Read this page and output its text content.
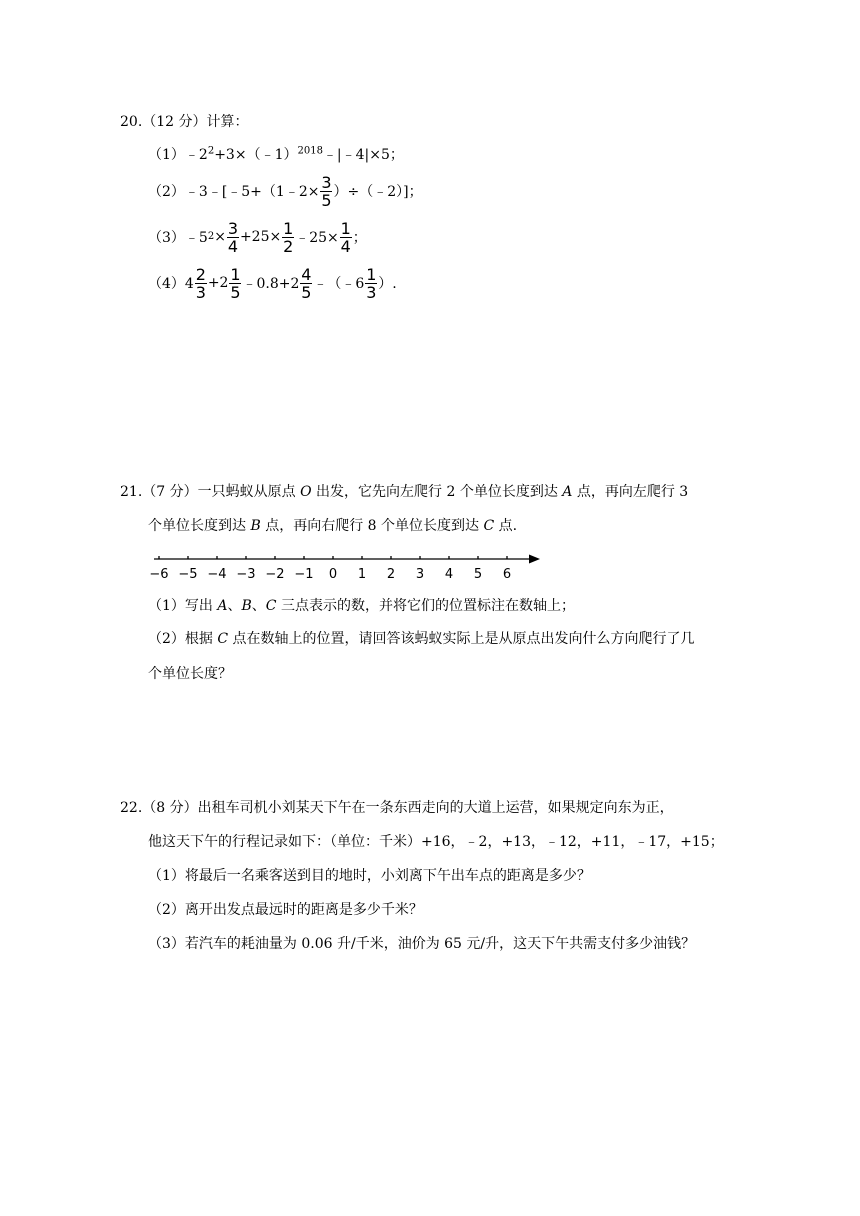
20.（12 分）计算：
$(1)﹣2^2+3\times(﹣1)^{2018}﹣|﹣4|\times 5$；
（2）﹣3﹣[﹣5+（1﹣2× $\frac{3}{5}$ ）÷（﹣2）]；
（3）﹣5 $2 \times \frac{3}{4} +25\times \frac{1}{2}$ ﹣25× $\frac{1}{4}$ ；
$(4)4 \frac{2}{3} +2 \frac{1}{5}$ ﹣0.8+2 $\frac{4}{5}$ ﹣（﹣6 $\frac{1}{3}$ ）.
21.（7 分）一只蚂蚁从原点 O 出发，它先向左爬行 2 个单位长度到达 A 点，再向左爬行 3
个单位长度到达 B 点，再向右爬行 8 个单位长度到达 C 点.
−6 −5 −4 −3 −2 −1 0 1 2 3 4 5 6
（1）写出 A、B、C 三点表示的数，并将它们的位置标注在数轴上；
（2）根据 C 点在数轴上的位置，请回答该蚂蚁实际上是从原点出发向什么方向爬行了几
个单位长度？
22.（8 分）出租车司机小刘某天下午在一条东西走向的大道上运营，如果规定向东为正，
他这天下午的行程记录如下：（单位：千米）+16，﹣2，+13，﹣12，+11，﹣17，+15；
（1）将最后一名乘客送到目的地时，小刘离下午出车点的距离是多少？
（2）离开出发点最远时的距离是多少千米？
（3）若汽车的耗油量为 0.06 升/千米，油价为 65 元/升，这天下午共需支付多少油钱？
